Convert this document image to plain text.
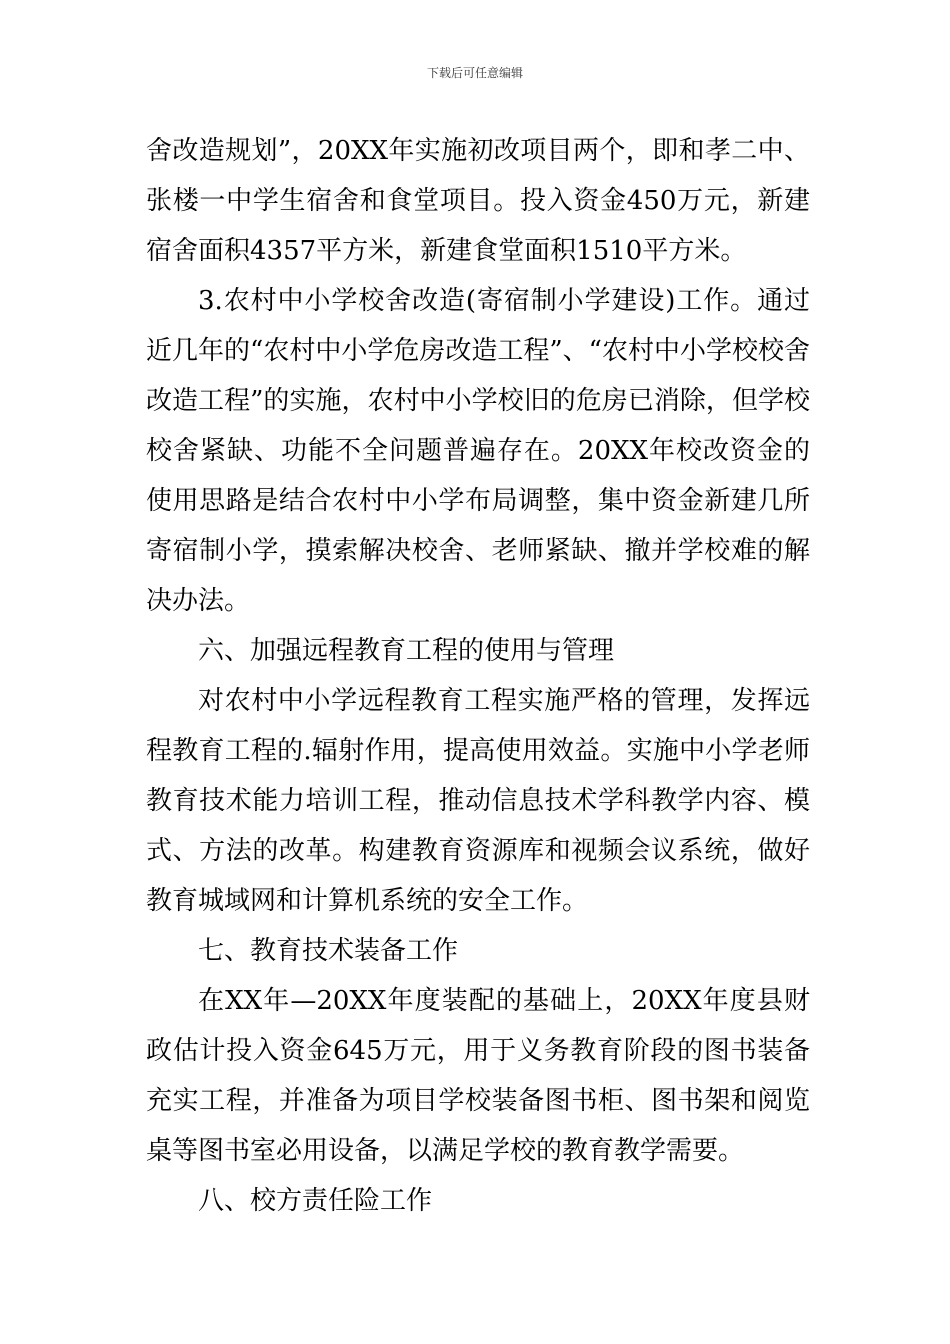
下载后可任意编辑

舍改造规划”，20XX年实施初改项目两个，即和孝二中、张楼一中学生宿舍和食堂项目。投入资金450万元，新建宿舍面积4357平方米，新建食堂面积1510平方米。

3.农村中小学校舍改造(寄宿制小学建设)工作。通过近几年的“农村中小学危房改造工程”、“农村中小学校校舍改造工程”的实施，农村中小学校旧的危房已消除，但学校校舍紧缺、功能不全问题普遍存在。20XX年校改资金的使用思路是结合农村中小学布局调整，集中资金新建几所寄宿制小学，摸索解决校舍、老师紧缺、撤并学校难的解决办法。

六、加强远程教育工程的使用与管理

对农村中小学远程教育工程实施严格的管理，发挥远程教育工程的.辐射作用，提高使用效益。实施中小学老师教育技术能力培训工程，推动信息技术学科教学内容、模式、方法的改革。构建教育资源库和视频会议系统，做好教育城域网和计算机系统的安全工作。

七、教育技术装备工作

在XX年—20XX年度装配的基础上，20XX年度县财政估计投入资金645万元，用于义务教育阶段的图书装备充实工程，并准备为项目学校装备图书柜、图书架和阅览桌等图书室必用设备，以满足学校的教育教学需要。

八、校方责任险工作
